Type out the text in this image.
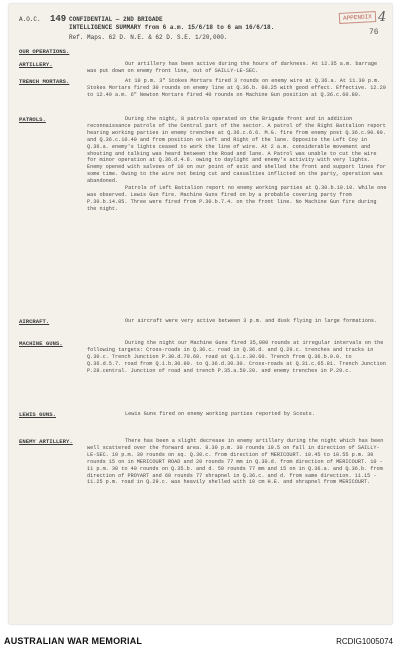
A.O.C. 149 CONFIDENTIAL — 2ND BRIGADE
INTELLIGENCE SUMMARY from 6 a.m. 15/6/18 to 6 am 16/6/18.
Ref. Maps. 62 D. N.E. & 62 D. S.E. 1/20,000.
APPENDIX 4
76
OUR OPERATIONS.
ARTILLERY.	Our artillery has been active during the hours of darkness. At 12.35 a.m. barrage was put down on enemy front line, out of SAILLY-LE-SEC.

TRENCH MORTARS.	At 10 p.m. 3" Stokes Mortars fired 3 rounds on enemy wire at Q.36.a. At 11.30 p.m. Stokes Mortars fired 30 rounds on enemy line at Q.36.b. 60.25 with good effect. Effective. 12.20 to 12.40 a.m. 6" Newton Mortars fired 40 rounds on Machine Gun position at Q.36.c.60.80.

PATROLS.	During the night, 8 patrols operated on the Brigade front and in addition reconnaissance patrols of the Central part of the sector. A patrol of the Right Battalion report hearing working parties in enemy trenches at Q.36.c.6.6. M.G. fire from enemy post Q.36.c.90.90. and Q.36.c.10.40 and from position on Left and Right of the lane. Opposite the Left Coy in Q.36.a. enemy's lights ceased to work the line of wire. At 2 a.m. considerable movement and shouting and talking was heard between the Road and lane. A Patrol was unable to cut the wire for minor operation at Q.36.d.4.6. owing to daylight and enemy's activity with very lights. Enemy opened with salvoes of 10 on our point of exit and shelled the front and support lines for some time. Owing to the wire not being cut and casualties inflicted on the party, operation was abandoned.

Patrols of Left Battalion report no enemy working parties at Q.30.b.10.10. While one was observed. Lewis Gun fire. Machine Guns fired on by a probable covering party from P.30.b.14.85. Three were fired from P.30.b.7.4. on the front line. No Machine Gun fire during the night.

AIRCRAFT.	Our aircraft were very active between 3 p.m. and dusk flying in large formations.

MACHINE GUNS.	During the night our Machine Guns fired 35,000 rounds at irregular intervals on the following targets: Cross-roads in Q.36.c. road in Q.36.d. and Q.29.c. trenches and tracks in Q.30.c. Trench Junction P.30.d.70.60. road at Q.1.c.30.60. Trench from Q.36.b.0.0. to Q.36.d.5.7. road from Q.1.b.30.90. to Q.36.d.30.30. Cross-roads at Q.31.c.65.81. Trench Junction P.28.central. Junction of road and trench P.35.a.50.20. and enemy trenches in P.29.c.

LEWIS GUNS.	Lewis Guns fired on enemy working parties reported by Scouts.

ENEMY ARTILLERY.	There has been a slight decrease in enemy artillery during the night which has been well scattered over the forward area. 8.30 p.m. 30 rounds 10.5 on fall in direction of SAILLY-LE-SEC. 10 p.m. 30 rounds on sq. Q.30.c. from direction of MERICOURT. 10.45 to 10.55 p.m. 30 rounds 15 on in MERICOURT ROAD and 20 rounds 77 mm in Q.30.d. from direction of MERICOURT. 10 - 11 p.m. 30 to 40 rounds on Q.35.b. and d. 50 rounds 77 mm and 15 on in Q.36.a. and Q.36.b. from direction of PROYART and 60 rounds 77 shrapnel in Q.36.c. and d. from same direction. 11.15 - 11.25 p.m. road in Q.29.c. was heavily shelled with 10 cm H.E. and shrapnel from MERICOURT.

AUSTRALIAN WAR MEMORIAL	RCDIG1005074
